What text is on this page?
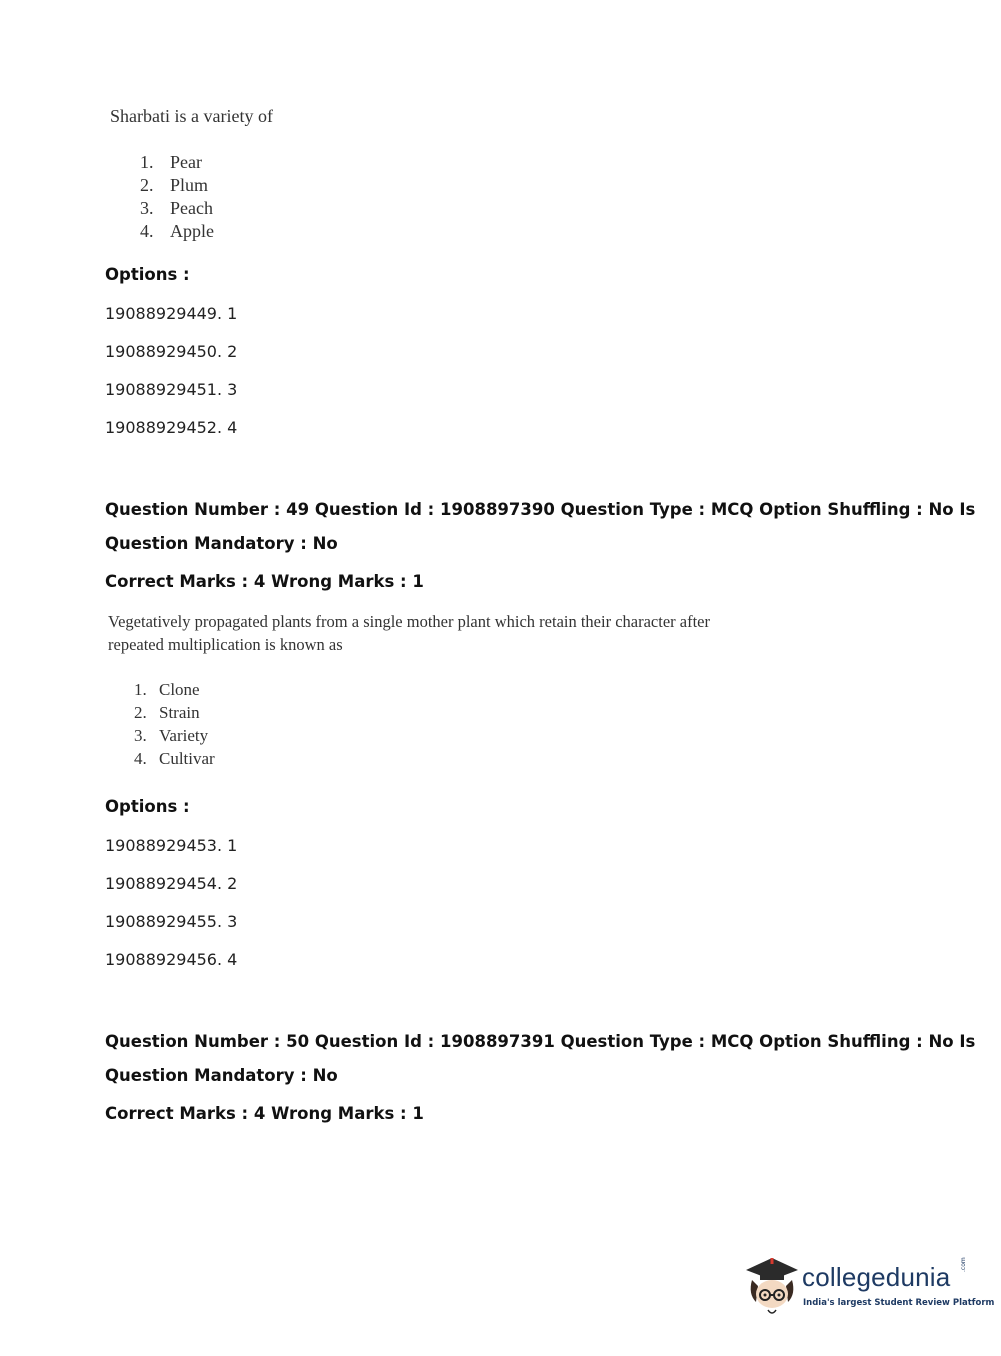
Sharbati is a variety of
1. Pear
2. Plum
3. Peach
4. Apple
Options :
19088929449. 1
19088929450. 2
19088929451. 3
19088929452. 4
Question Number : 49 Question Id : 1908897390 Question Type : MCQ Option Shuffling : No Is
Question Mandatory : No
Correct Marks : 4 Wrong Marks : 1
Vegetatively propagated plants from a single mother plant which retain their character after
repeated multiplication is known as
1. Clone
2. Strain
3. Variety
4. Cultivar
Options :
19088929453. 1
19088929454. 2
19088929455. 3
19088929456. 4
Question Number : 50 Question Id : 1908897391 Question Type : MCQ Option Shuffling : No Is
Question Mandatory : No
Correct Marks : 4 Wrong Marks : 1
collegedunia .com
India's largest Student Review Platform
